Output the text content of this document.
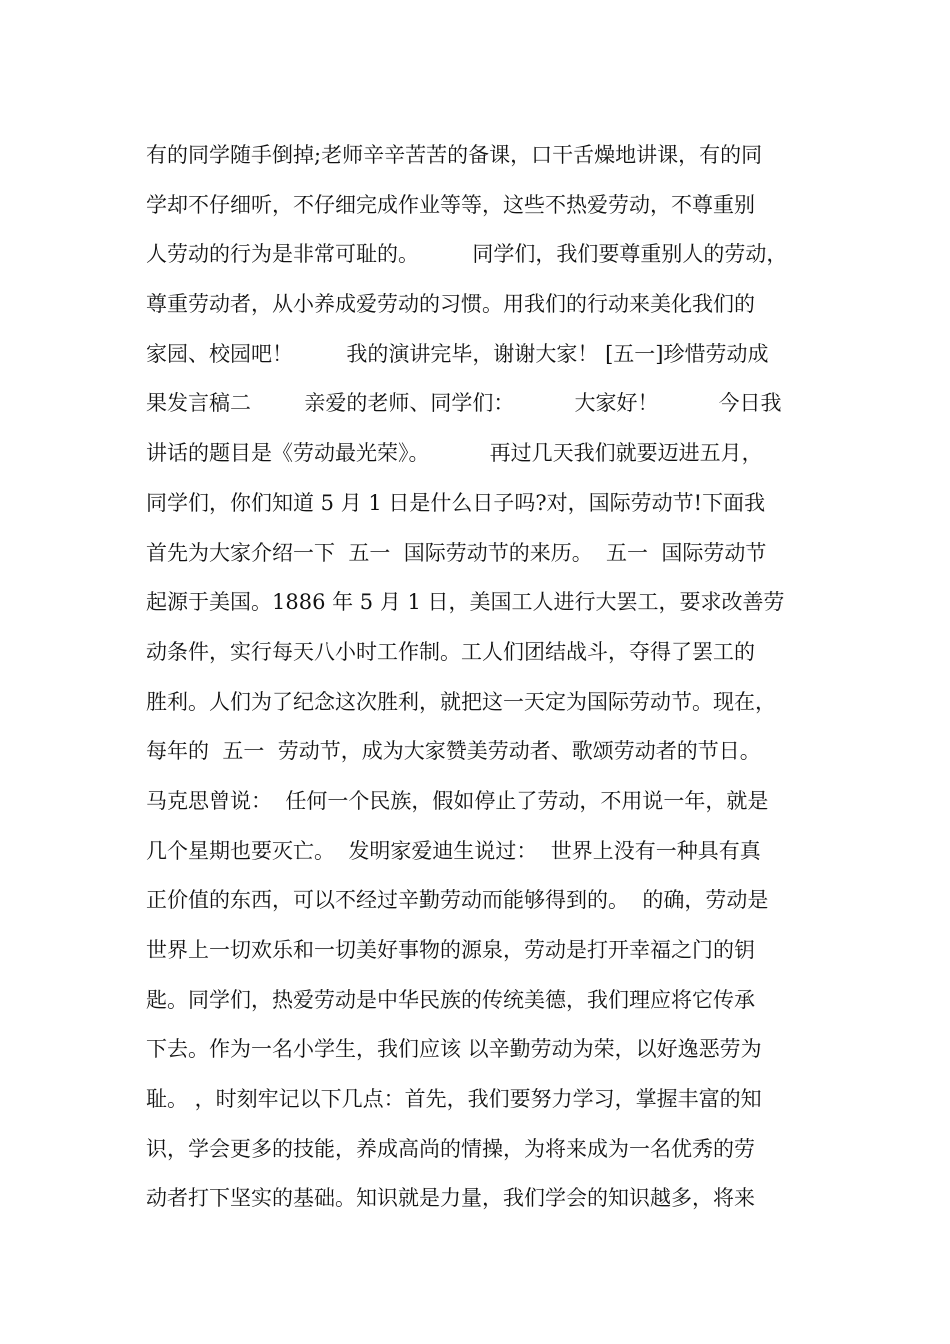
有的同学随手倒掉;老师辛辛苦苦的备课，口干舌燥地讲课，有的同
学却不仔细听，不仔细完成作业等等，这些不热爱劳动，不尊重别
人劳动的行为是非常可耻的。        同学们，我们要尊重别人的劳动，
尊重劳动者，从小养成爱劳动的习惯。用我们的行动来美化我们的
家园、校园吧！        我的演讲完毕，谢谢大家！ [五一]珍惜劳动成
果发言稿二        亲爱的老师、同学们：         大家好！         今日我
讲话的题目是《劳动最光荣》。         再过几天我们就要迈进五月，
同学们，你们知道 5 月 1 日是什么日子吗?对，国际劳动节!下面我
首先为大家介绍一下  五一  国际劳动节的来历。  五一  国际劳动节
起源于美国。1886 年 5 月 1 日，美国工人进行大罢工，要求改善劳
动条件，实行每天八小时工作制。工人们团结战斗，夺得了罢工的
胜利。人们为了纪念这次胜利，就把这一天定为国际劳动节。现在，
每年的  五一  劳动节，成为大家赞美劳动者、歌颂劳动者的节日。
马克思曾说：  任何一个民族，假如停止了劳动，不用说一年，就是
几个星期也要灭亡。  发明家爱迪生说过：  世界上没有一种具有真
正价值的东西，可以不经过辛勤劳动而能够得到的。  的确，劳动是
世界上一切欢乐和一切美好事物的源泉，劳动是打开幸福之门的钥
匙。同学们，热爱劳动是中华民族的传统美德，我们理应将它传承
下去。作为一名小学生，我们应该 以辛勤劳动为荣，以好逸恶劳为
耻。 ，时刻牢记以下几点：首先，我们要努力学习，掌握丰富的知
识，学会更多的技能，养成高尚的情操，为将来成为一名优秀的劳
动者打下坚实的基础。知识就是力量，我们学会的知识越多，将来
